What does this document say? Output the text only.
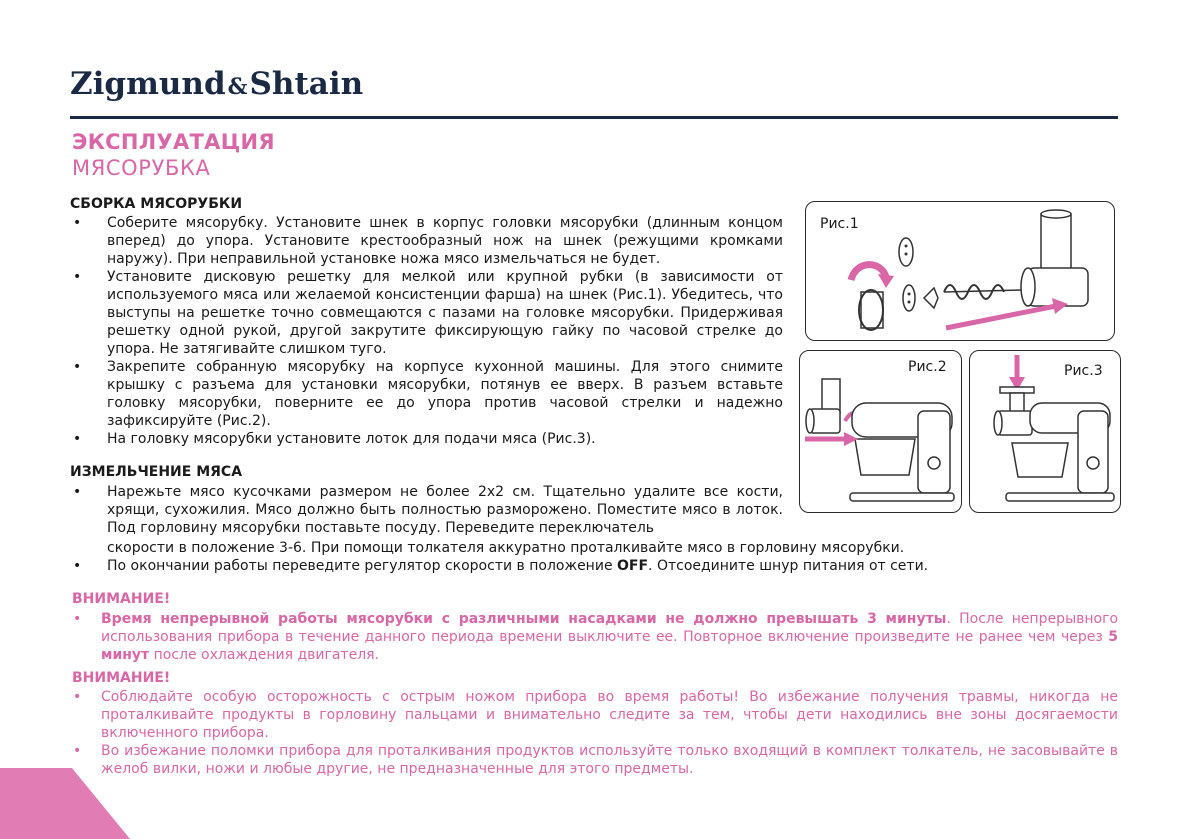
Zigmund&Shtain
ЭКСПЛУАТАЦИЯ
МЯСОРУБКА
СБОРКА МЯСОРУБКИ
• Соберите мясорубку. Установите шнек в корпус головки мясорубки (длинным концом вперед) до упора. Установите крестообразный нож на шнек (режущими кромками наружу). При неправильной установке ножа мясо измельчаться не будет.
• Установите дисковую решетку для мелкой или крупной рубки (в зависимости от используемого мяса или желаемой консистенции фарша) на шнек (Рис.1). Убедитесь, что выступы на решетке точно совмещаются с пазами на головке мясорубки. Придерживая решетку одной рукой, другой закрутите фиксирующую гайку по часовой стрелке до упора. Не затягивайте слишком туго.
• Закрепите собранную мясорубку на корпусе кухонной машины. Для этого снимите крышку с разъема для установки мясорубки, потянув ее вверх. В разъем вставьте головку мясорубки, поверните ее до упора против часовой стрелки и надежно зафиксируйте (Рис.2).
• На головку мясорубки установите лоток для подачи мяса (Рис.3).
ИЗМЕЛЬЧЕНИЕ МЯСА
• Нарежьте мясо кусочками размером не более 2х2 см. Тщательно удалите все кости, хрящи, сухожилия. Мясо должно быть полностью разморожено. Поместите мясо в лоток. Под горловину мясорубки поставьте посуду. Переведите переключатель
скорости в положение 3-6. При помощи толкателя аккуратно проталкивайте мясо в горловину мясорубки.
• По окончании работы переведите регулятор скорости в положение OFF. Отсоедините шнур питания от сети.
ВНИМАНИЕ!
• Время непрерывной работы мясорубки с различными насадками не должно превышать 3 минуты. После непрерывного использования прибора в течение данного периода времени выключите ее. Повторное включение произведите не ранее чем через 5 минут после охлаждения двигателя.
ВНИМАНИЕ!
• Соблюдайте особую осторожность с острым ножом прибора во время работы! Во избежание получения травмы, никогда не проталкивайте продукты в горловину пальцами и внимательно следите за тем, чтобы дети находились вне зоны досягаемости включенного прибора.
• Во избежание поломки прибора для проталкивания продуктов используйте только входящий в комплект толкатель, не засовывайте в желоб вилки, ножи и любые другие, не предназначенные для этого предметы.
Рис.1
Рис.2	Рис.3
